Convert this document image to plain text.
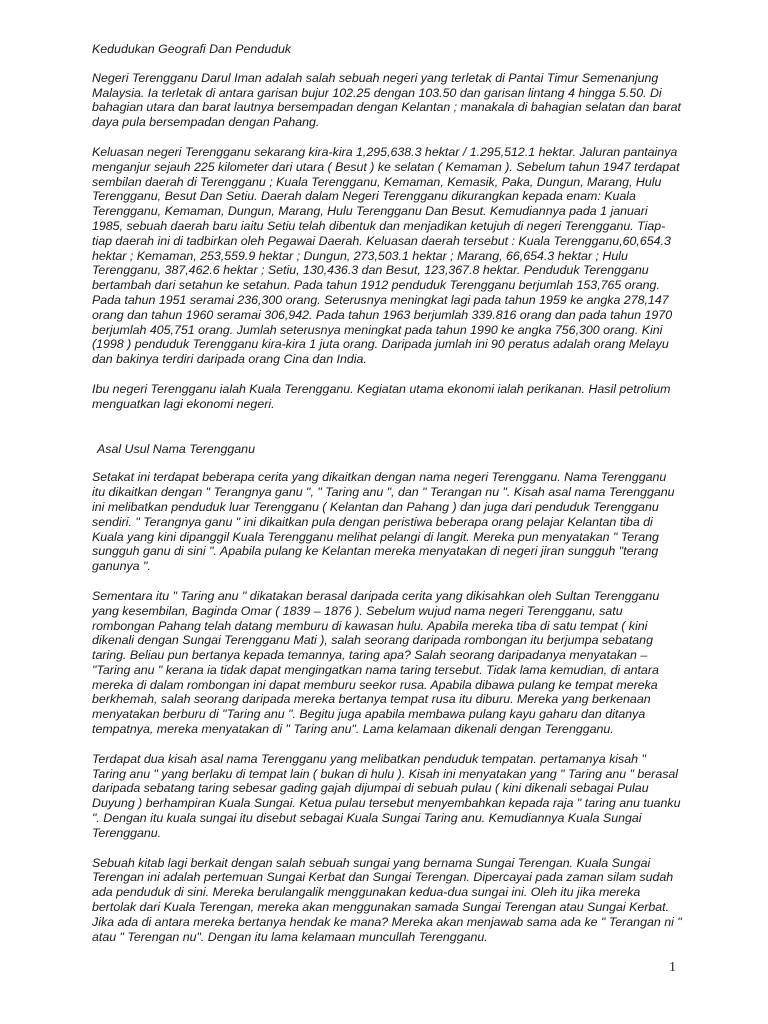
Kedudukan Geografi Dan Penduduk

Negeri Terengganu Darul Iman adalah salah sebuah negeri yang terletak di Pantai Timur Semenanjung Malaysia. Ia terletak di antara garisan bujur 102.25 dengan 103.50 dan garisan lintang 4 hingga 5.50. Di bahagian utara dan barat lautnya bersempadan dengan Kelantan ; manakala di bahagian selatan dan barat daya pula bersempadan dengan Pahang.

Keluasan negeri Terengganu sekarang kira-kira 1,295,638.3 hektar / 1.295,512.1 hektar. Jaluran pantainya menganjur sejauh 225 kilometer dari utara ( Besut ) ke selatan ( Kemaman ). Sebelum tahun 1947 terdapat sembilan daerah di Terengganu ; Kuala Terengganu, Kemaman, Kemasik, Paka, Dungun, Marang, Hulu Terengganu, Besut Dan Setiu. Daerah dalam Negeri Terengganu dikurangkan kepada enam: Kuala Terengganu, Kemaman, Dungun, Marang, Hulu Terengganu Dan Besut. Kemudiannya pada 1 januari 1985, sebuah daerah baru iaitu Setiu telah dibentuk dan menjadikan ketujuh di negeri Terengganu. Tiap-tiap daerah ini di tadbirkan oleh Pegawai Daerah. Keluasan daerah tersebut : Kuala Terengganu,60,654.3 hektar ; Kemaman, 253,559.9 hektar ; Dungun, 273,503.1 hektar ; Marang, 66,654.3 hektar ; Hulu Terengganu, 387,462.6 hektar ; Setiu, 130,436.3 dan Besut, 123,367.8 hektar. Penduduk Terengganu bertambah dari setahun ke setahun. Pada tahun 1912 penduduk Terengganu berjumlah 153,765 orang. Pada tahun 1951 seramai 236,300 orang. Seterusnya meningkat lagi pada tahun 1959 ke angka 278,147 orang dan tahun 1960 seramai 306,942. Pada tahun 1963 berjumlah 339.816 orang dan pada tahun 1970 berjumlah 405,751 orang. Jumlah seterusnya meningkat pada tahun 1990 ke angka 756,300 orang. Kini (1998 ) penduduk Terengganu kira-kira 1 juta orang. Daripada jumlah ini 90 peratus adalah orang Melayu dan bakinya terdiri daripada orang Cina dan India.

Ibu negeri Terengganu ialah Kuala Terengganu. Kegiatan utama ekonomi ialah perikanan. Hasil petrolium menguatkan lagi ekonomi negeri.

Asal Usul Nama Terengganu

Setakat ini terdapat beberapa cerita yang dikaitkan dengan nama negeri Terengganu. Nama Terengganu itu dikaitkan dengan " Terangnya ganu ", " Taring anu ", dan " Terangan nu ". Kisah asal nama Terengganu ini melibatkan penduduk luar Terengganu ( Kelantan dan Pahang ) dan juga dari penduduk Terengganu sendiri. " Terangnya ganu " ini dikaitkan pula dengan peristiwa beberapa orang pelajar Kelantan tiba di Kuala yang kini dipanggil Kuala Terengganu melihat pelangi di langit. Mereka pun menyatakan " Terang sungguh ganu di sini ". Apabila pulang ke Kelantan mereka menyatakan di negeri jiran sungguh "terang ganunya ".

Sementara itu " Taring anu " dikatakan berasal daripada cerita yang dikisahkan oleh Sultan Terengganu yang kesembilan, Baginda Omar ( 1839 – 1876 ). Sebelum wujud nama negeri Terengganu, satu rombongan Pahang telah datang memburu di kawasan hulu. Apabila mereka tiba di satu tempat ( kini dikenali dengan Sungai Terengganu Mati ), salah seorang daripada rombongan itu berjumpa sebatang taring. Beliau pun bertanya kepada temannya, taring apa? Salah seorang daripadanya menyatakan – "Taring anu " kerana ia tidak dapat mengingatkan nama taring tersebut. Tidak lama kemudian, di antara mereka di dalam rombongan ini dapat memburu seekor rusa. Apabila dibawa pulang ke tempat mereka berkhemah, salah seorang daripada mereka bertanya tempat rusa itu diburu. Mereka yang berkenaan menyatakan berburu di "Taring anu ". Begitu juga apabila membawa pulang kayu gaharu dan ditanya tempatnya, mereka menyatakan di " Taring anu". Lama kelamaan dikenali dengan Terengganu.

Terdapat dua kisah asal nama Terengganu yang melibatkan penduduk tempatan. pertamanya kisah " Taring anu " yang berlaku di tempat lain ( bukan di hulu ). Kisah ini menyatakan yang " Taring anu " berasal daripada sebatang taring sebesar gading gajah dijumpai di sebuah pulau ( kini dikenali sebagai Pulau Duyung ) berhampiran Kuala Sungai. Ketua pulau tersebut menyembahkan kepada raja " taring anu tuanku ". Dengan itu kuala sungai itu disebut sebagai Kuala Sungai Taring anu. Kemudiannya Kuala Sungai Terengganu.

Sebuah kitab lagi berkait dengan salah sebuah sungai yang bernama Sungai Terengan. Kuala Sungai Terengan ini adalah pertemuan Sungai Kerbat dan Sungai Terengan. Dipercayai pada zaman silam sudah ada penduduk di sini. Mereka berulangalik menggunakan kedua-dua sungai ini. Oleh itu jika mereka bertolak dari Kuala Terengan, mereka akan menggunakan samada Sungai Terengan atau Sungai Kerbat. Jika ada di antara mereka bertanya hendak ke mana? Mereka akan menjawab sama ada ke " Terangan ni " atau " Terengan nu". Dengan itu lama kelamaan muncullah Terengganu.

1
